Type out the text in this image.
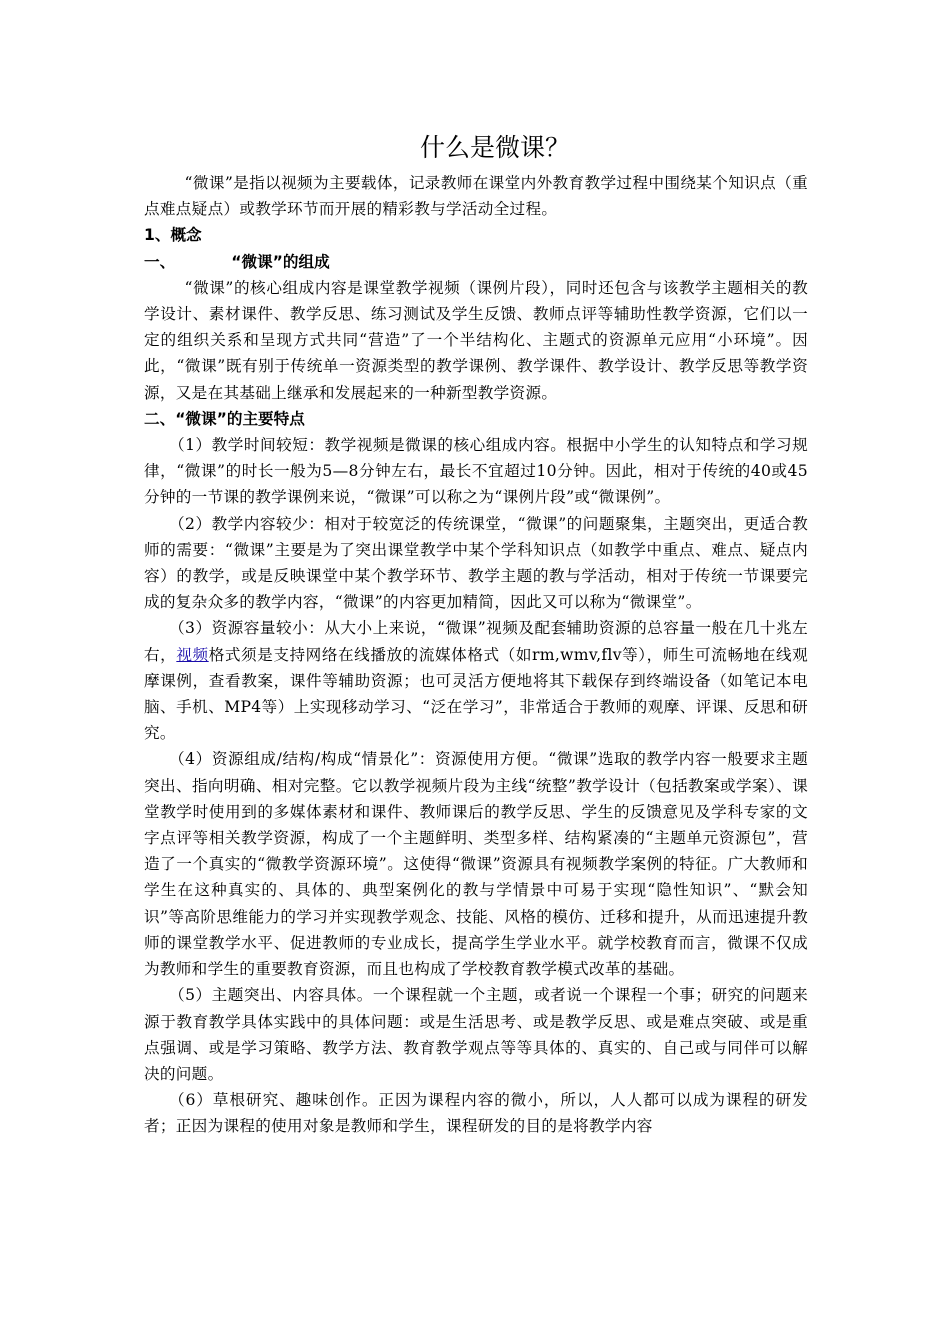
什么是微课？

“微课”是指以视频为主要载体，记录教师在课堂内外教育教学过程中围绕某个知识点（重点难点疑点）或教学环节而开展的精彩教与学活动全过程。

1、概念

一、	“微课”的组成

“微课”的核心组成内容是课堂教学视频（课例片段），同时还包含与该教学主题相关的教学设计、素材课件、教学反思、练习测试及学生反馈、教师点评等辅助性教学资源，它们以一定的组织关系和呈现方式共同“营造”了一个半结构化、主题式的资源单元应用“小环境”。因此，“微课”既有别于传统单一资源类型的教学课例、教学课件、教学设计、教学反思等教学资源，又是在其基础上继承和发展起来的一种新型教学资源。

二、“微课”的主要特点

（1）教学时间较短：教学视频是微课的核心组成内容。根据中小学生的认知特点和学习规律，“微课”的时长一般为5—8分钟左右，最长不宜超过10分钟。因此，相对于传统的40或45分钟的一节课的教学课例来说，“微课”可以称之为“课例片段”或“微课例”。

（2）教学内容较少：相对于较宽泛的传统课堂，“微课”的问题聚集，主题突出，更适合教师的需要：“微课”主要是为了突出课堂教学中某个学科知识点（如教学中重点、难点、疑点内容）的教学，或是反映课堂中某个教学环节、教学主题的教与学活动，相对于传统一节课要完成的复杂众多的教学内容，“微课”的内容更加精简，因此又可以称为“微课堂”。

（3）资源容量较小：从大小上来说，“微课”视频及配套辅助资源的总容量一般在几十兆左右，视频格式须是支持网络在线播放的流媒体格式（如rm,wmv,flv等），师生可流畅地在线观摩课例，查看教案，课件等辅助资源；也可灵活方便地将其下载保存到终端设备（如笔记本电脑、手机、MP4等）上实现移动学习、“泛在学习”，非常适合于教师的观摩、评课、反思和研究。

（4）资源组成/结构/构成“情景化”：资源使用方便。“微课”选取的教学内容一般要求主题突出、指向明确、相对完整。它以教学视频片段为主线“统整”教学设计（包括教案或学案）、课堂教学时使用到的多媒体素材和课件、教师课后的教学反思、学生的反馈意见及学科专家的文字点评等相关教学资源，构成了一个主题鲜明、类型多样、结构紧凑的“主题单元资源包”，营造了一个真实的“微教学资源环境”。这使得“微课”资源具有视频教学案例的特征。广大教师和学生在这种真实的、具体的、典型案例化的教与学情景中可易于实现“隐性知识”、“默会知识”等高阶思维能力的学习并实现教学观念、技能、风格的模仿、迁移和提升，从而迅速提升教师的课堂教学水平、促进教师的专业成长，提高学生学业水平。就学校教育而言，微课不仅成为教师和学生的重要教育资源，而且也构成了学校教育教学模式改革的基础。

（5）主题突出、内容具体。一个课程就一个主题，或者说一个课程一个事；研究的问题来源于教育教学具体实践中的具体问题：或是生活思考、或是教学反思、或是难点突破、或是重点强调、或是学习策略、教学方法、教育教学观点等等具体的、真实的、自己或与同伴可以解决的问题。

（6）草根研究、趣味创作。正因为课程内容的微小，所以，人人都可以成为课程的研发者；正因为课程的使用对象是教师和学生，课程研发的目的是将教学内容
